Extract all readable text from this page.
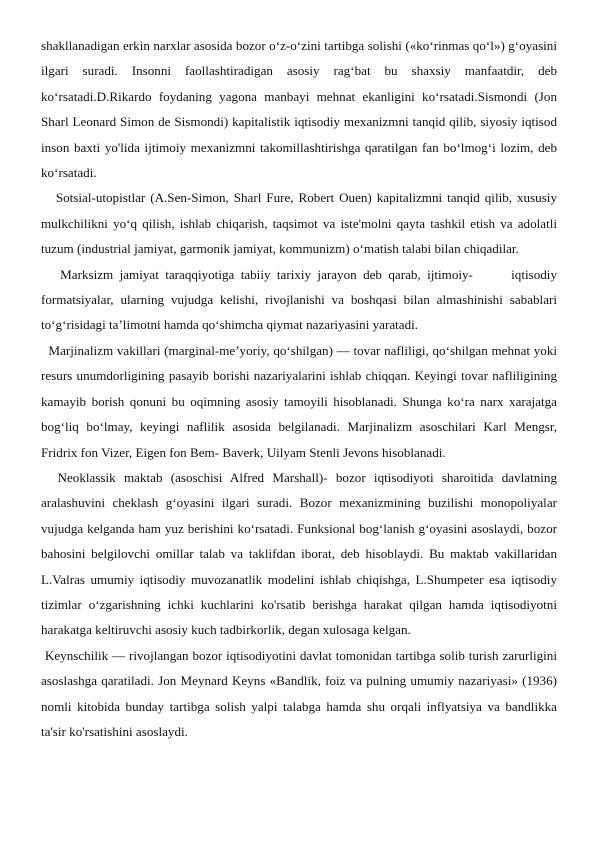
shakllanadigan erkin narxlar asosida bozor o‘z-o‘zini tartibga solishi («ko‘rinmas qo‘l») g‘oyasini ilgari suradi. Insonni faollashtiradigan asosiy rag‘bat bu shaxsiy manfaatdir, deb ko‘rsatadi.D.Rikardo foydaning yagona manbayi mehnat ekanligini ko‘rsatadi.Sismondi (Jon Sharl Leonard Simon de Sismondi) kapitalistik iqtisodiy mexanizmni tanqid qilib, siyosiy iqtisod inson baxti yo'lida ijtimoiy mexanizmni takomillashtirishga qaratilgan fan bo‘lmog‘i lozim, deb ko‘rsatadi.

Sotsial-utopistlar (A.Sen-Simon, Sharl Fure, Robert Ouen) kapitalizmni tanqid qilib, xususiy mulkchilikni yo‘q qilish, ishlab chiqarish, taqsimot va iste'molni qayta tashkil etish va adolatli tuzum (industrial jamiyat, garmonik jamiyat, kommunizm) o‘matish talabi bilan chiqadilar.

Marksizm jamiyat taraqqiyotiga tabiiy tarixiy jarayon deb qarab, ijtimoiy-      iqtisodiy formatsiyalar, ularning vujudga kelishi, rivojlanishi va boshqasi bilan almashinishi sabablari to‘g‘risidagi ta’limotni hamda qo‘shimcha qiymat nazariyasini yaratadi.

Marjinalizm vakillari (marginal-me’yoriy, qo‘shilgan) — tovar nafliligi, qo‘shilgan mehnat yoki resurs unumdorligining pasayib borishi nazariyalarini ishlab chiqqan. Keyingi tovar nafliligining kamayib borish qonuni bu oqimning asosiy tamoyili hisoblanadi. Shunga ko‘ra narx xarajatga bog‘liq bo‘lmay, keyingi naflilik asosida belgilanadi. Marjinalizm asoschilari Karl Mengsr, Fridrix fon Vizer, Eigen fon Bem- Baverk, Uilyam Stenli Jevons hisoblanadi.

Neoklassik maktab (asoschisi Alfred Marshall)- bozor iqtisodiyoti sharoitida davlatning aralashuvini cheklash g‘oyasini ilgari suradi. Bozor mexanizmining buzilishi monopoliyalar vujudga kelganda ham yuz berishini ko‘rsatadi. Funksional bog‘lanish g‘oyasini asoslaydi, bozor bahosini belgilovchi omillar talab va taklifdan iborat, deb hisoblaydi. Bu maktab vakillaridan L.Valras umumiy iqtisodiy muvozanatlik modelini ishlab chiqishga, L.Shumpeter esa iqtisodiy tizimlar o‘zgarishning ichki kuchlarini ko'rsatib berishga harakat qilgan hamda iqtisodiyotni harakatga keltiruvchi asosiy kuch tadbirkorlik, degan xulosaga kelgan.

Keynschilik — rivojlangan bozor iqtisodiyotini davlat tomonidan tartibga solib turish zarurligini asoslashga qaratiladi. Jon Meynard Keyns «Bandlik, foiz va pulning umumiy nazariyasi» (1936) nomli kitobida bunday tartibga solish yalpi talabga hamda shu orqali inflyatsiya va bandlikka ta'sir ko'rsatishini asoslaydi.
